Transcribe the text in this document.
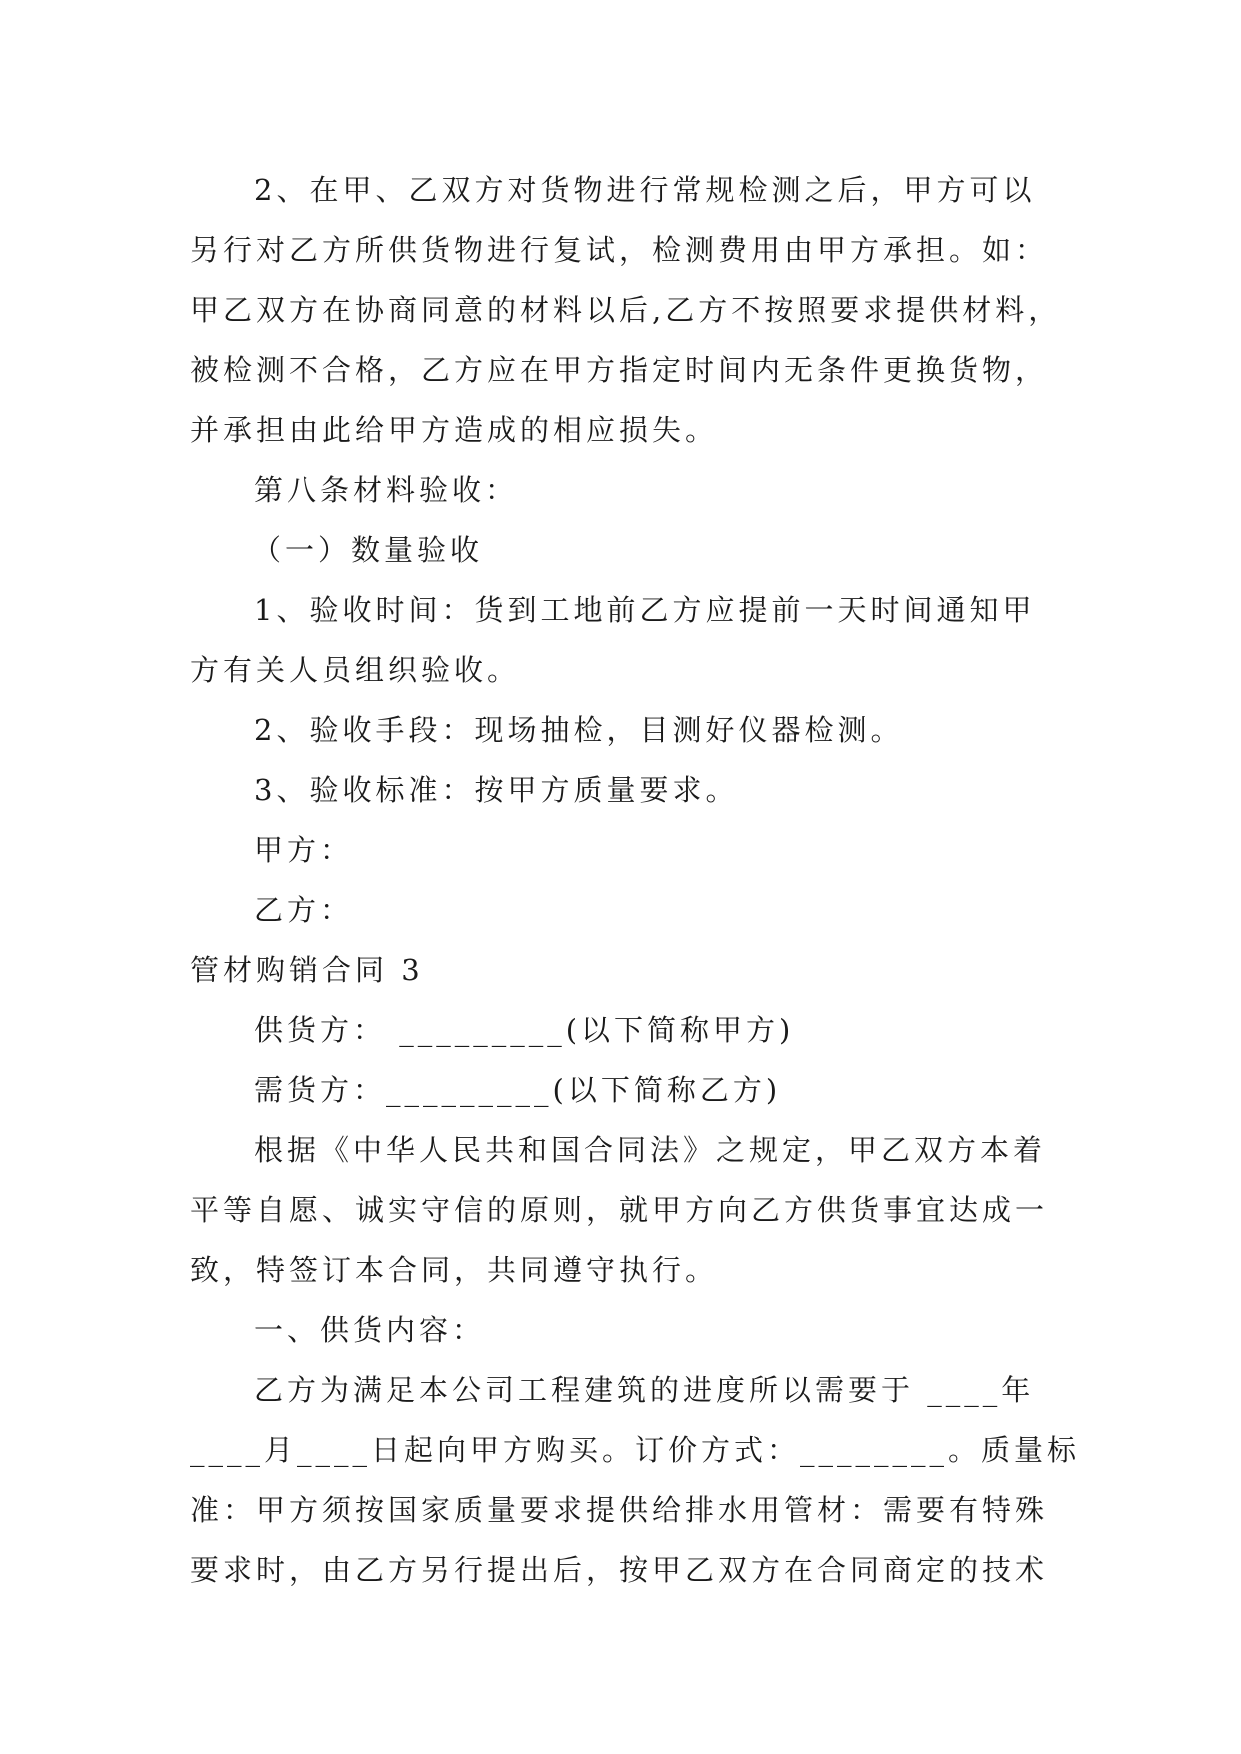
2、在甲、乙双方对货物进行常规检测之后，甲方可以
另行对乙方所供货物进行复试，检测费用由甲方承担。如：
甲乙双方在协商同意的材料以后,乙方不按照要求提供材料，
被检测不合格，乙方应在甲方指定时间内无条件更换货物，
并承担由此给甲方造成的相应损失。
第八条材料验收：
（一）数量验收
1、验收时间：货到工地前乙方应提前一天时间通知甲
方有关人员组织验收。
2、验收手段：现场抽检，目测好仪器检测。
3、验收标准：按甲方质量要求。
甲方：
乙方：
管材购销合同 3
供货方： _________(以下简称甲方)
需货方：_________(以下简称乙方)
根据《中华人民共和国合同法》之规定，甲乙双方本着
平等自愿、诚实守信的原则，就甲方向乙方供货事宜达成一
致，特签订本合同，共同遵守执行。
一、供货内容：
乙方为满足本公司工程建筑的进度所以需要于 ____年
____月____日起向甲方购买。订价方式：________。质量标
准：甲方须按国家质量要求提供给排水用管材：需要有特殊
要求时，由乙方另行提出后，按甲乙双方在合同商定的技术
